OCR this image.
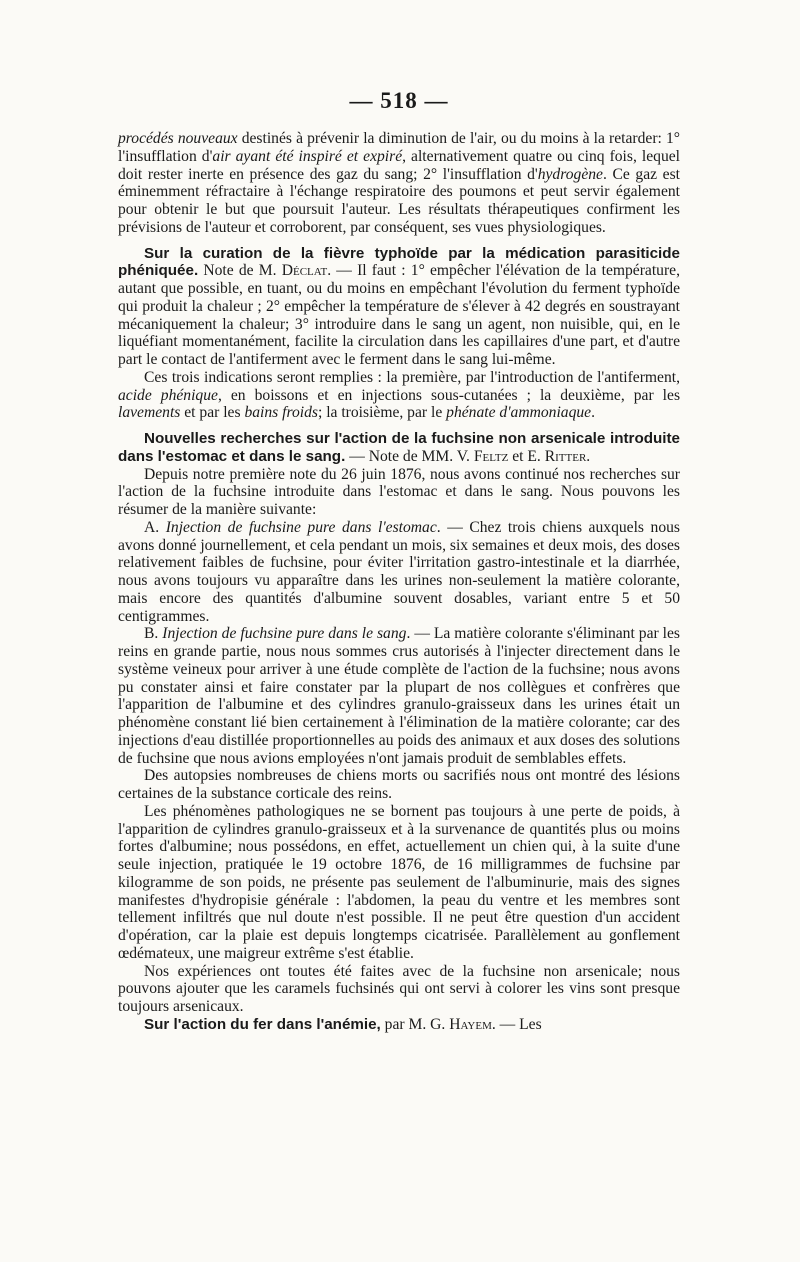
— 518 —

procédés nouveaux destinés à prévenir la diminution de l'air, ou du moins à la retarder: 1° l'insufflation d'air ayant été inspiré et expiré, alternativement quatre ou cinq fois, lequel doit rester inerte en présence des gaz du sang; 2° l'insufflation d'hydrogène. Ce gaz est éminemment réfractaire à l'échange respiratoire des poumons et peut servir également pour obtenir le but que poursuit l'auteur. Les résultats thérapeutiques confirment les prévisions de l'auteur et corroborent, par conséquent, ses vues physiologiques.

Sur la curation de la fièvre typhoïde par la médication parasiticide phéniquée. Note de M. Déclat. — Il faut : 1° empêcher l'élévation de la température, autant que possible, en tuant, ou du moins en empêchant l'évolution du ferment typhoïde qui produit la chaleur ; 2° empêcher la température de s'élever à 42 degrés en soustrayant mécaniquement la chaleur; 3° introduire dans le sang un agent, non nuisible, qui, en le liquéfiant momentanément, facilite la circulation dans les capillaires d'une part, et d'autre part le contact de l'antiferment avec le ferment dans le sang lui-même.

Ces trois indications seront remplies : la première, par l'introduction de l'antiferment, acide phénique, en boissons et en injections sous-cutanées ; la deuxième, par les lavements et par les bains froids; la troisième, par le phénate d'ammoniaque.

Nouvelles recherches sur l'action de la fuchsine non arsenicale introduite dans l'estomac et dans le sang. — Note de MM. V. Feltz et E. Ritter.

Depuis notre première note du 26 juin 1876, nous avons continué nos recherches sur l'action de la fuchsine introduite dans l'estomac et dans le sang. Nous pouvons les résumer de la manière suivante:

A. Injection de fuchsine pure dans l'estomac. — Chez trois chiens auxquels nous avons donné journellement, et cela pendant un mois, six semaines et deux mois, des doses relativement faibles de fuchsine, pour éviter l'irritation gastro-intestinale et la diarrhée, nous avons toujours vu apparaître dans les urines non-seulement la matière colorante, mais encore des quantités d'albumine souvent dosables, variant entre 5 et 50 centigrammes.

B. Injection de fuchsine pure dans le sang. — La matière colorante s'éliminant par les reins en grande partie, nous nous sommes crus autorisés à l'injecter directement dans le système veineux pour arriver à une étude complète de l'action de la fuchsine; nous avons pu constater ainsi et faire constater par la plupart de nos collègues et confrères que l'apparition de l'albumine et des cylindres granulo-graisseux dans les urines était un phénomène constant lié bien certainement à l'élimination de la matière colorante; car des injections d'eau distillée proportionnelles au poids des animaux et aux doses des solutions de fuchsine que nous avions employées n'ont jamais produit de semblables effets.

Des autopsies nombreuses de chiens morts ou sacrifiés nous ont montré des lésions certaines de la substance corticale des reins.

Les phénomènes pathologiques ne se bornent pas toujours à une perte de poids, à l'apparition de cylindres granulo-graisseux et à la survenance de quantités plus ou moins fortes d'albumine; nous possédons, en effet, actuellement un chien qui, à la suite d'une seule injection, pratiquée le 19 octobre 1876, de 16 milligrammes de fuchsine par kilogramme de son poids, ne présente pas seulement de l'albuminurie, mais des signes manifestes d'hydropisie générale : l'abdomen, la peau du ventre et les membres sont tellement infiltrés que nul doute n'est possible. Il ne peut être question d'un accident d'opération, car la plaie est depuis longtemps cicatrisée. Parallèlement au gonflement œdémateux, une maigreur extrême s'est établie.

Nos expériences ont toutes été faites avec de la fuchsine non arsenicale; nous pouvons ajouter que les caramels fuchsinés qui ont servi à colorer les vins sont presque toujours arsenicaux.

Sur l'action du fer dans l'anémie, par M. G. Hayem. — Les
